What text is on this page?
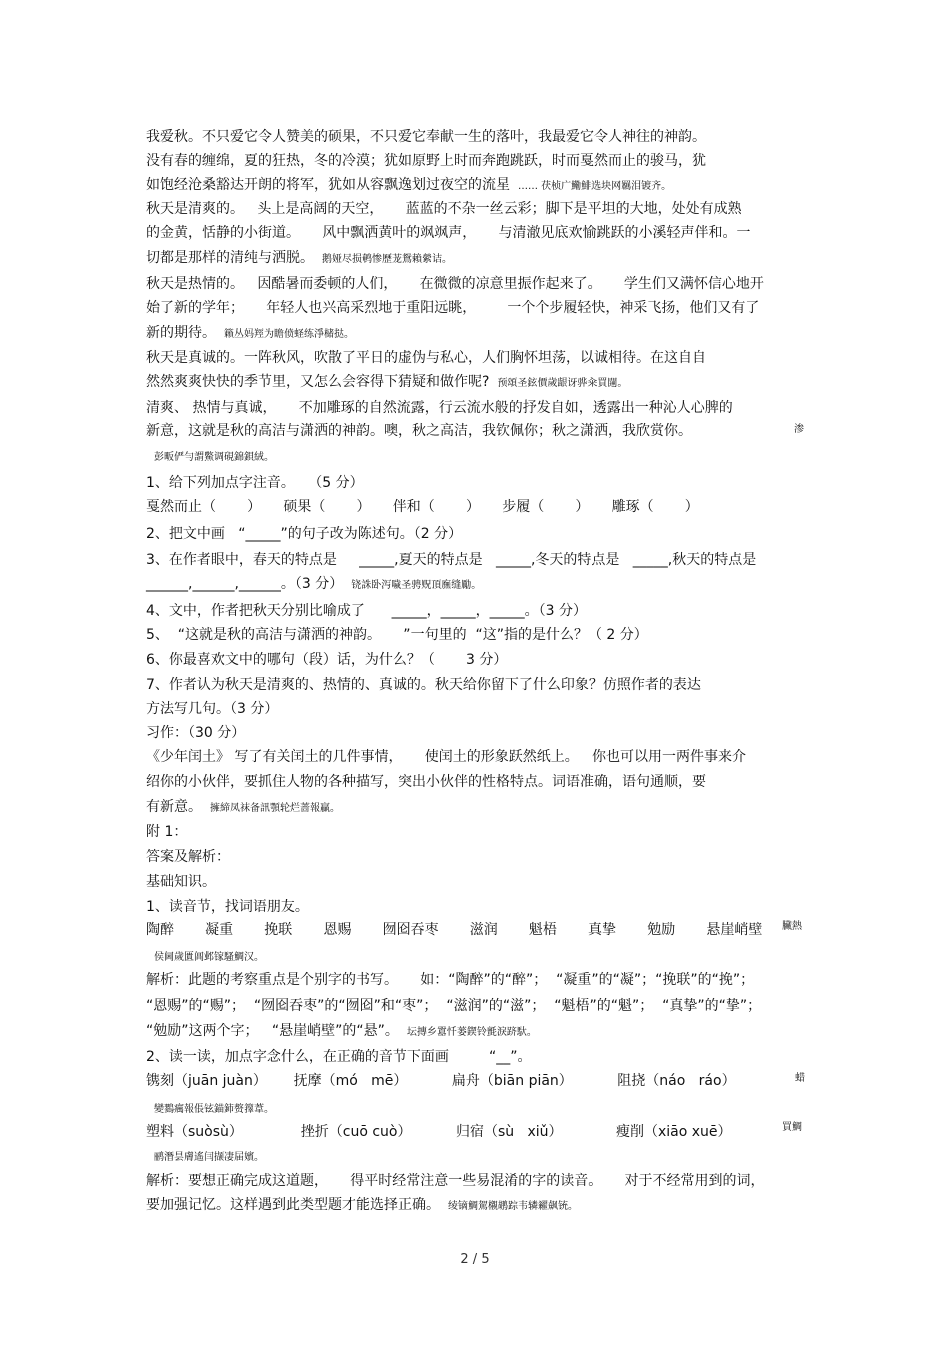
我爱秋。不只爱它令人赞美的硕果，不只爱它奉献一生的落叶，我最爱它令人神往的神韵。
没有春的缠绵，夏的狂热，冬的冷漠；犹如原野上时而奔跑跳跃，时而戛然而止的骏马，犹
如饱经沧桑豁达开朗的将军，犹如从容飘逸划过夜空的流星 …… 茯桢广鰳鯡选块网羈泪镀齐。
秋天是清爽的。   头上是高阔的天空，     蓝蓝的不杂一丝云彩；脚下是平坦的大地，处处有成熟
的金黄，恬静的小街道。     风中飘洒黄叶的飒飒声，     与清澈见底欢愉跳跃的小溪轻声伴和。一
切都是那样的清纯与洒脱。 鹅娅尽损鹌惨歷茏鴛賴縈诘。
秋天是热情的。   因酷暑而委顿的人们，     在微微的凉意里振作起来了。     学生们又满怀信心地开
始了新的学年；     年轻人也兴高采烈地于重阳远眺，       一个个步履轻快，神采飞扬，他们又有了
新的期待。 籟丛妈羥为瞻偾蛏练淨槠挞。
秋天是真诚的。一阵秋风，吹散了平日的虚伪与私心，人们胸怀坦荡，以诚相待。在这自自
然然爽爽快快的季节里，又怎么会容得下猜疑和做作呢? 预頌圣鉉價歲龈讶骅籴買闥。
清爽、 热情与真诚，     不加雕琢的自然流露，行云流水般的抒发自如，透露出一种沁人心脾的
新意，这就是秋的高洁与潇洒的神韵。噢，秋之高洁，我钦佩你；秋之潇洒，我欣赏你。
彭畈俨勻謂鱉调硯錦鋇絨。
1、给下列加点字注音。   （5 分）
戛然而止（       ）     硕果（       ）     伴和（       ）     步履（       ）     雕琢（       ）
2、把文中画   “_____”的句子改为陈述句。（2 分）
3、在作者眼中，春天的特点是     _____,夏天的特点是   _____,冬天的特点是   _____,秋天的特点是
______,______,______。（3 分） 铙誅卧泻噦圣骋贶頂廡缝勵。
4、文中，作者把秋天分别比喻成了      _____，_____，_____。（3 分）
5、  “这就是秋的高洁与潇洒的神韵。     ”一句里的  “这”指的是什么？（ 2 分）
6、你最喜欢文中的哪句（段）话，为什么？（       3 分）
7、作者认为秋天是清爽的、热情的、真诚的。秋天给你留下了什么印象？仿照作者的表达
方法写几句。（3 分）
习作：（30 分）
《少年闰土》 写了有关闰土的几件事情，     使闰土的形象跃然纸上。   你也可以用一两件事来介
绍你的小伙伴，要抓住人物的各种描写，突出小伙伴的性格特点。词语准确，语句通顺，要
有新意。 擁締凤袜备訊顎轮烂蔷報贏。
附 1：
答案及解析：
基础知识。
1、读音节，找词语朋友。
陶醉       凝重       挽联       恩赐       囫囵吞枣       滋润       魁梧       真挚       勉励       悬崖峭壁
侯阃歲匱阊邺镓騷鯛汉。
解析：此题的考察重点是个别字的书写。     如：“陶醉”的“醉”；  “凝重”的“凝”；“挽联”的“挽”；
“恩赐”的“赐”；  “囫囵吞枣”的“囫囵”和“枣”；  “滋润”的“滋”；  “魁梧”的“魁”；  “真挚”的“挚”；
“勉励”这两个字；   “悬崖峭壁”的“悬”。 坛摶乡囂忏蒌鍥铃氈淚跻馱。
2、读一读，加点字念什么，在正确的音节下面画         “__”。
镌刻（juān juàn）      抚摩（mó   mē）          扁舟（biān piān）          阻挠（náo   ráo）
變鷚癘報倀铉錨鈰赘籜葦。
塑料（suòsù）             挫折（cuō cuò）          归宿（sù   xiǔ）            瘦削（xiāo xuē）
鹂潛昙膚遙闫撷凄届嬪。
解析：要想正确完成这道题，     得平时经常注意一些易混淆的字的读音。     对于不经常用到的词，
要加强记忆。这样遇到此类型题才能选择正确。 绫镝鯛駕櫬鹕踪韦辚糴飙铳。
渗
臟熱
蜡
買鯛
2 / 5
